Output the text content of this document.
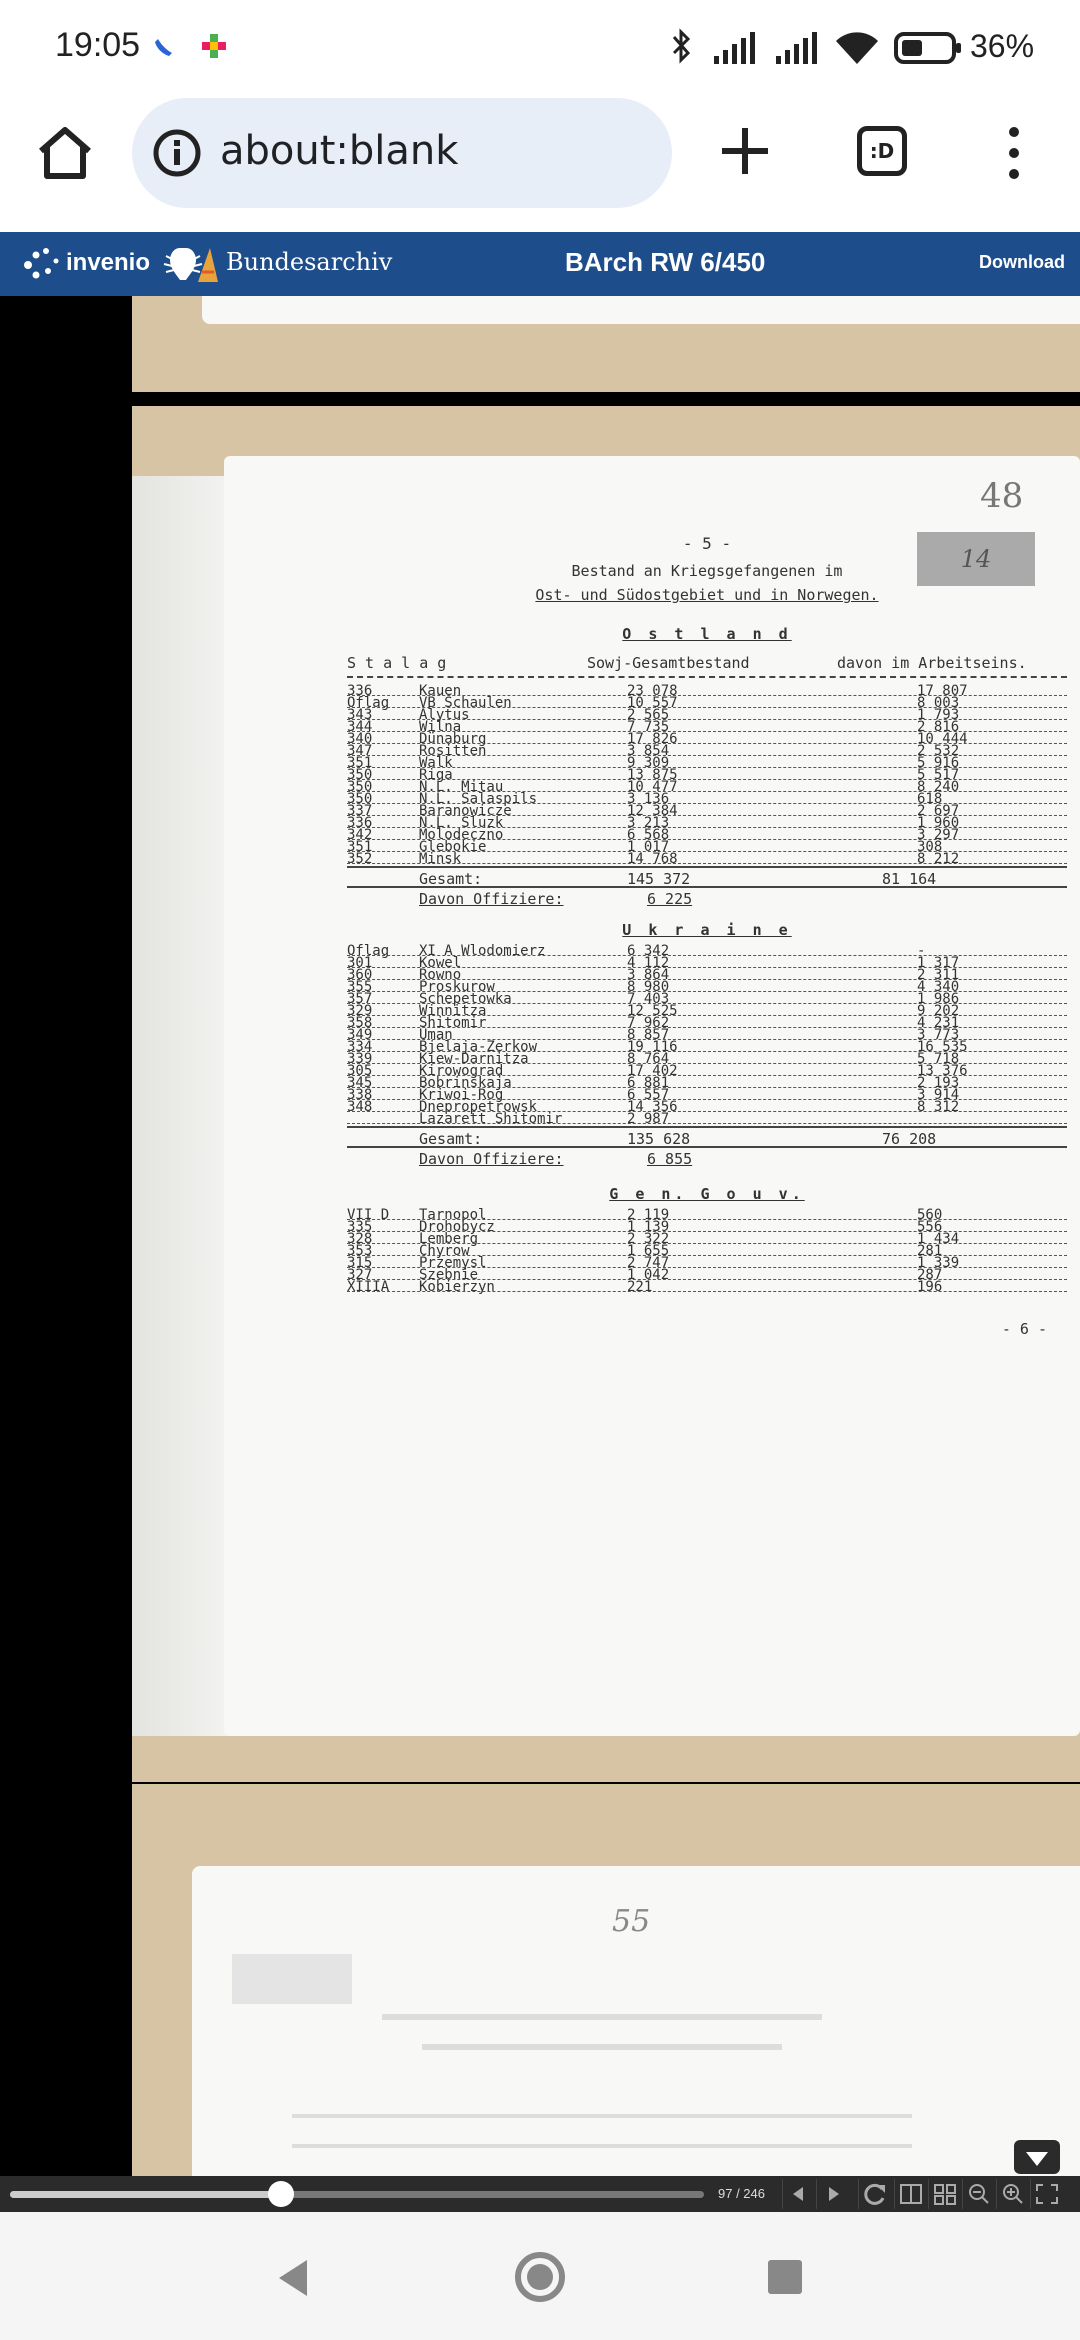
19:05	36%
about:blank	:D
invenio	Bundesarchiv	BArch RW 6/450	Download
48
14
- 5 -
Bestand an Kriegsgefangenen im
Ost- und Südostgebiet und in Norwegen.
O s t l a n d
S t a l a g	Sowj-Gesamtbestand	davon im Arbeitseins.
336	Kauen	23 078	17 807
Oflag VB Schaulen	10 557	8 003
343	Alytus	2 565	1 793
344	Wilna	7 735	2 816
340	Dünaburg	17 826	10 444
347	Rositten	3 854	2 532
351	Walk	9 309	5 916
350	Riga	13 875	5 517
350	N.L. Mitau	10 477	8 240
350	N.L. Salaspils	3 136	618
337	Baranowicze	12 384	2 697
336	N.L. Sluzk	3 213	1 960
342	Molodeczno	6 568	3 297
351	Glebokie	1 017	308
352	Minsk	14 768	8 212
Gesamt:	145 372	81 164
Davon Offiziere:	6 225
U k r a i n e
Oflag XI A Wlodomierz	6 342	-
301	Kowel	4 112	1 317
360	Rowno	3 864	2 311
355	Proskurow	8 980	4 340
357	Schepetowka	7 403	1 986
329	Winnitza	12 525	9 202
358	Shitomir	7 962	4 231
349	Uman	8 857	3 773
334	Bjelaja-Zerkow	19 116	16 535
339	Kiew-Darnitza	8 764	5 718
305	Kirowograd	17 402	13 376
345	Bobrinskaja	6 881	2 193
338	Kriwoi-Rog	6 557	3 914
348	Dnepropetrowsk	14 356	8 312
Lazarett Shitomir	2 987
Gesamt:	135 628	76 208
Davon Offiziere:	6 855
G e n. G o u v.
VII D Tarnopol	2 119	560
335	Drohobycz	1 139	556
328	Lemberg	2 322	1 434
353	Chyrow	1 655	281
315	Przemysl	2 747	1 339
327	Szebnie	1 042	287
XIIIA Kobierzyn	221	196
- 6 -
55
97 / 246
